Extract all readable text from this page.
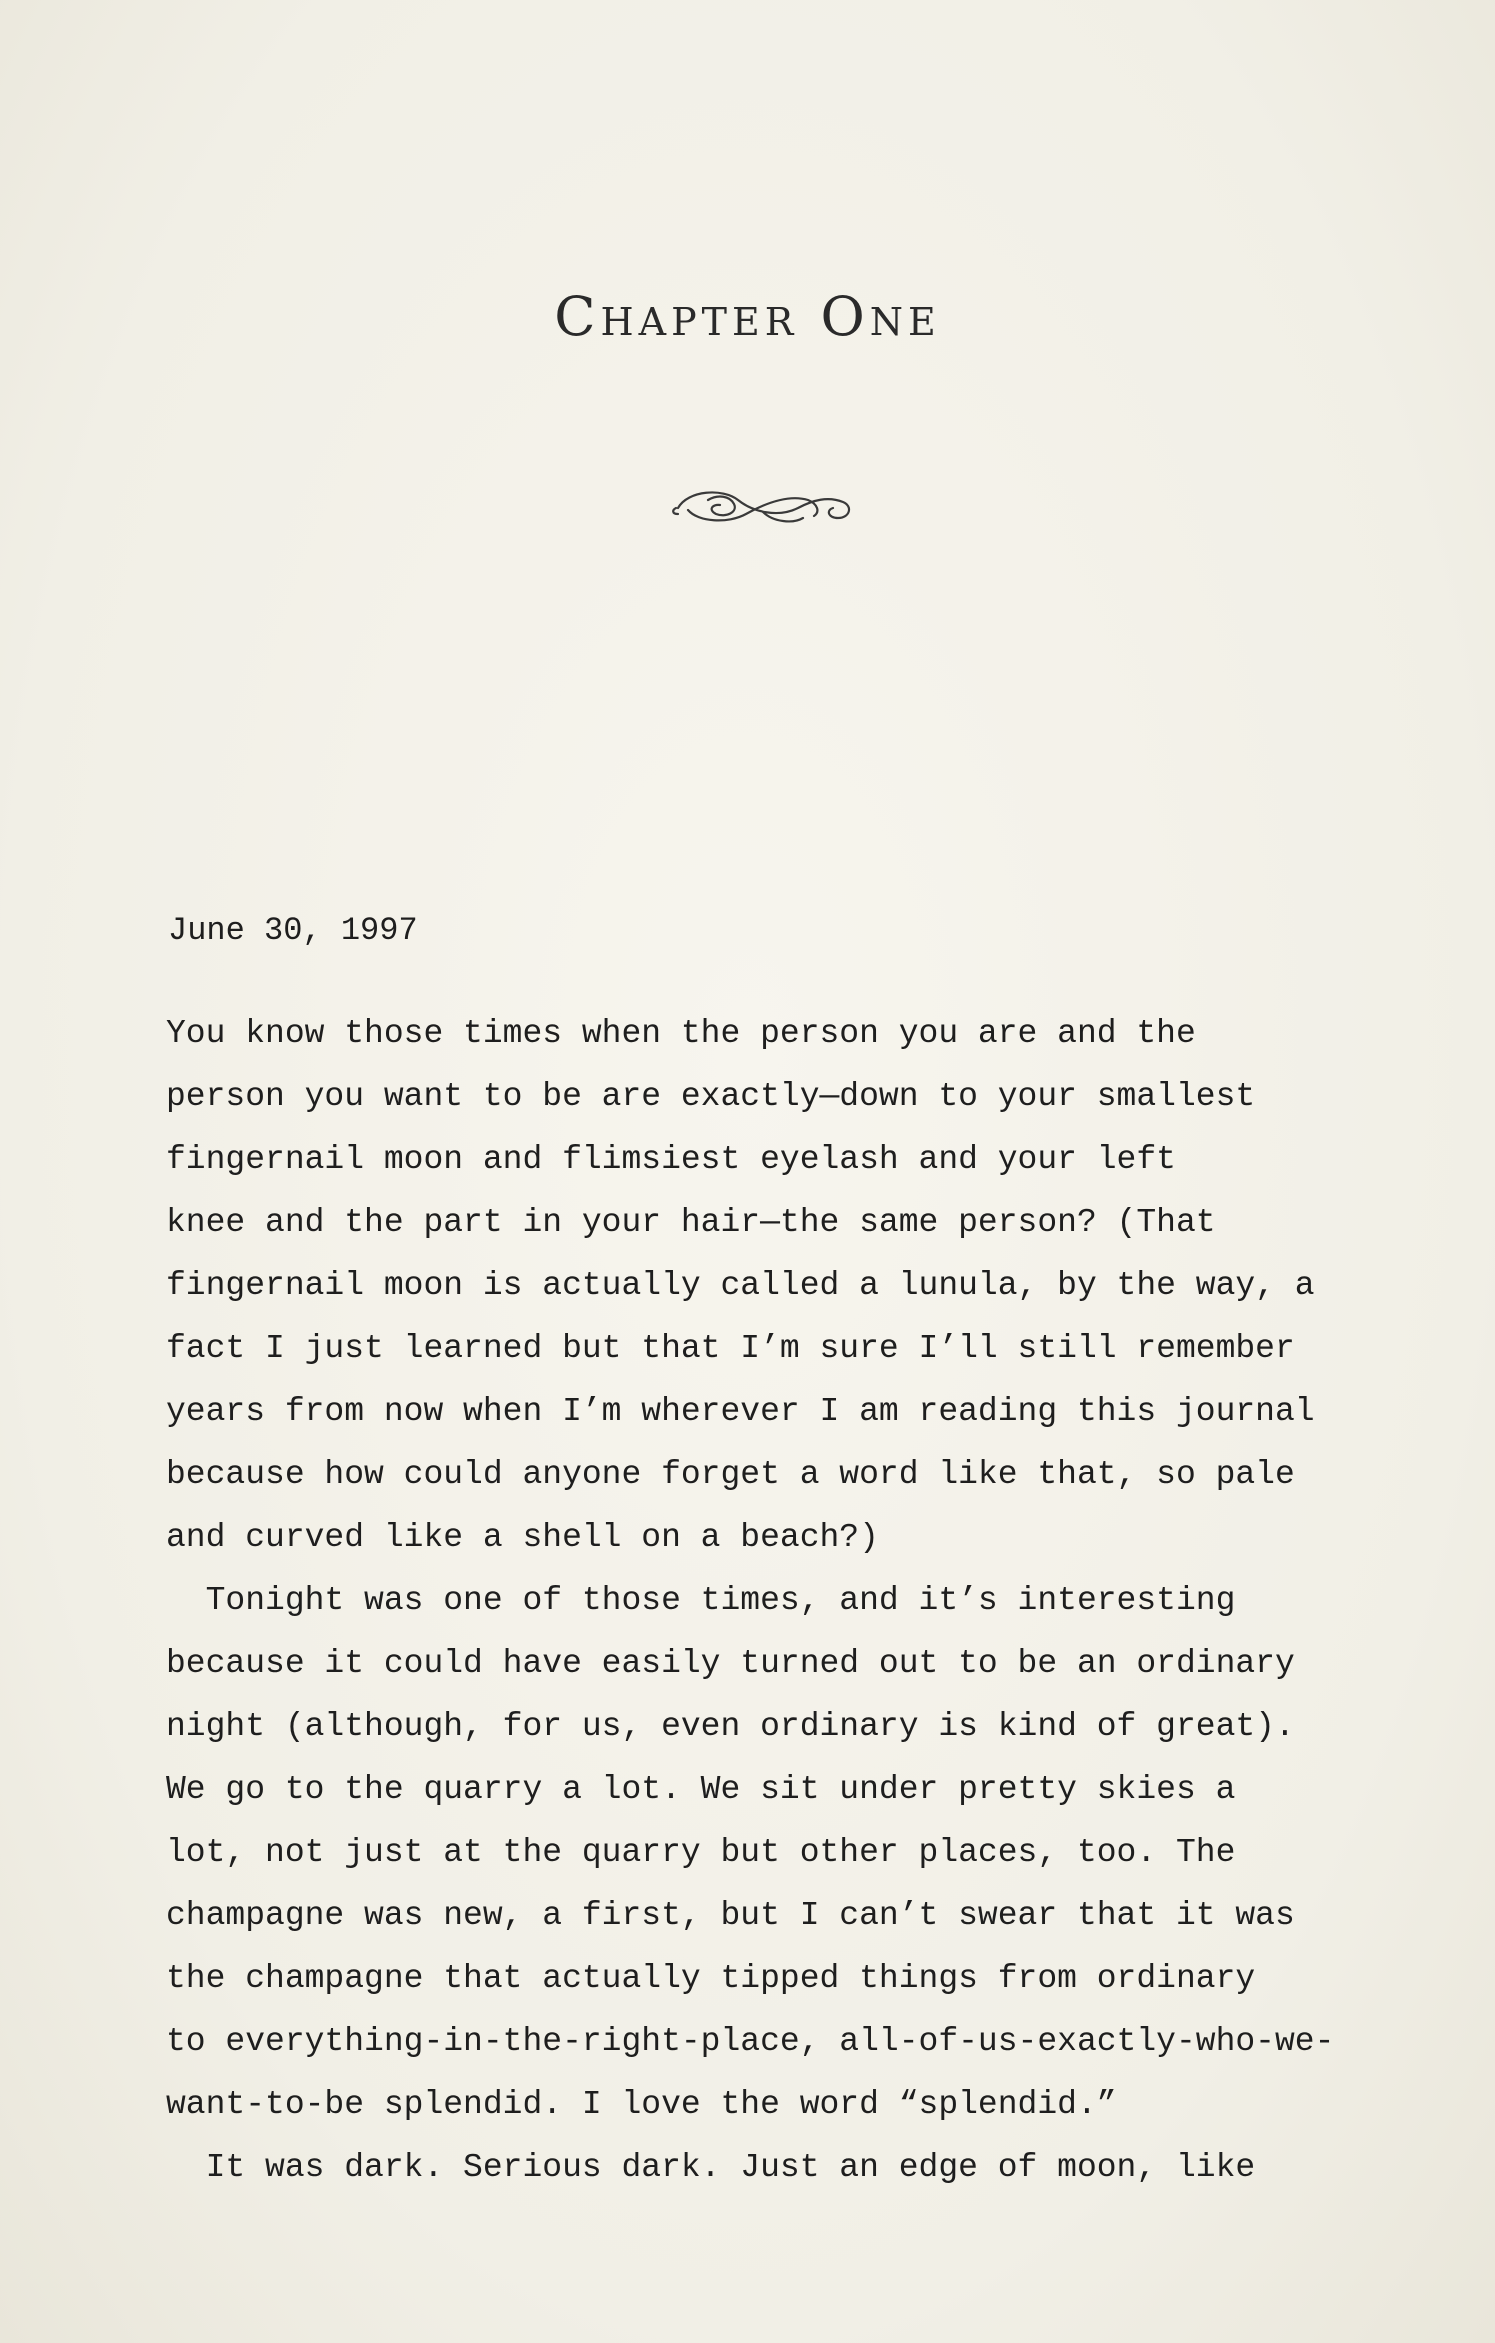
Chapter One

June 30, 1997

You know those times when the person you are and the
person you want to be are exactly—down to your smallest
fingernail moon and flimsiest eyelash and your left
knee and the part in your hair—the same person? (That
fingernail moon is actually called a lunula, by the way, a
fact I just learned but that I’m sure I’ll still remember
years from now when I’m wherever I am reading this journal
because how could anyone forget a word like that, so pale
and curved like a shell on a beach?)
Tonight was one of those times, and it’s interesting
because it could have easily turned out to be an ordinary
night (although, for us, even ordinary is kind of great).
We go to the quarry a lot. We sit under pretty skies a
lot, not just at the quarry but other places, too. The
champagne was new, a first, but I can’t swear that it was
the champagne that actually tipped things from ordinary
to everything-in-the-right-place, all-of-us-exactly-who-we-
want-to-be splendid. I love the word “splendid.”
It was dark. Serious dark. Just an edge of moon, like
